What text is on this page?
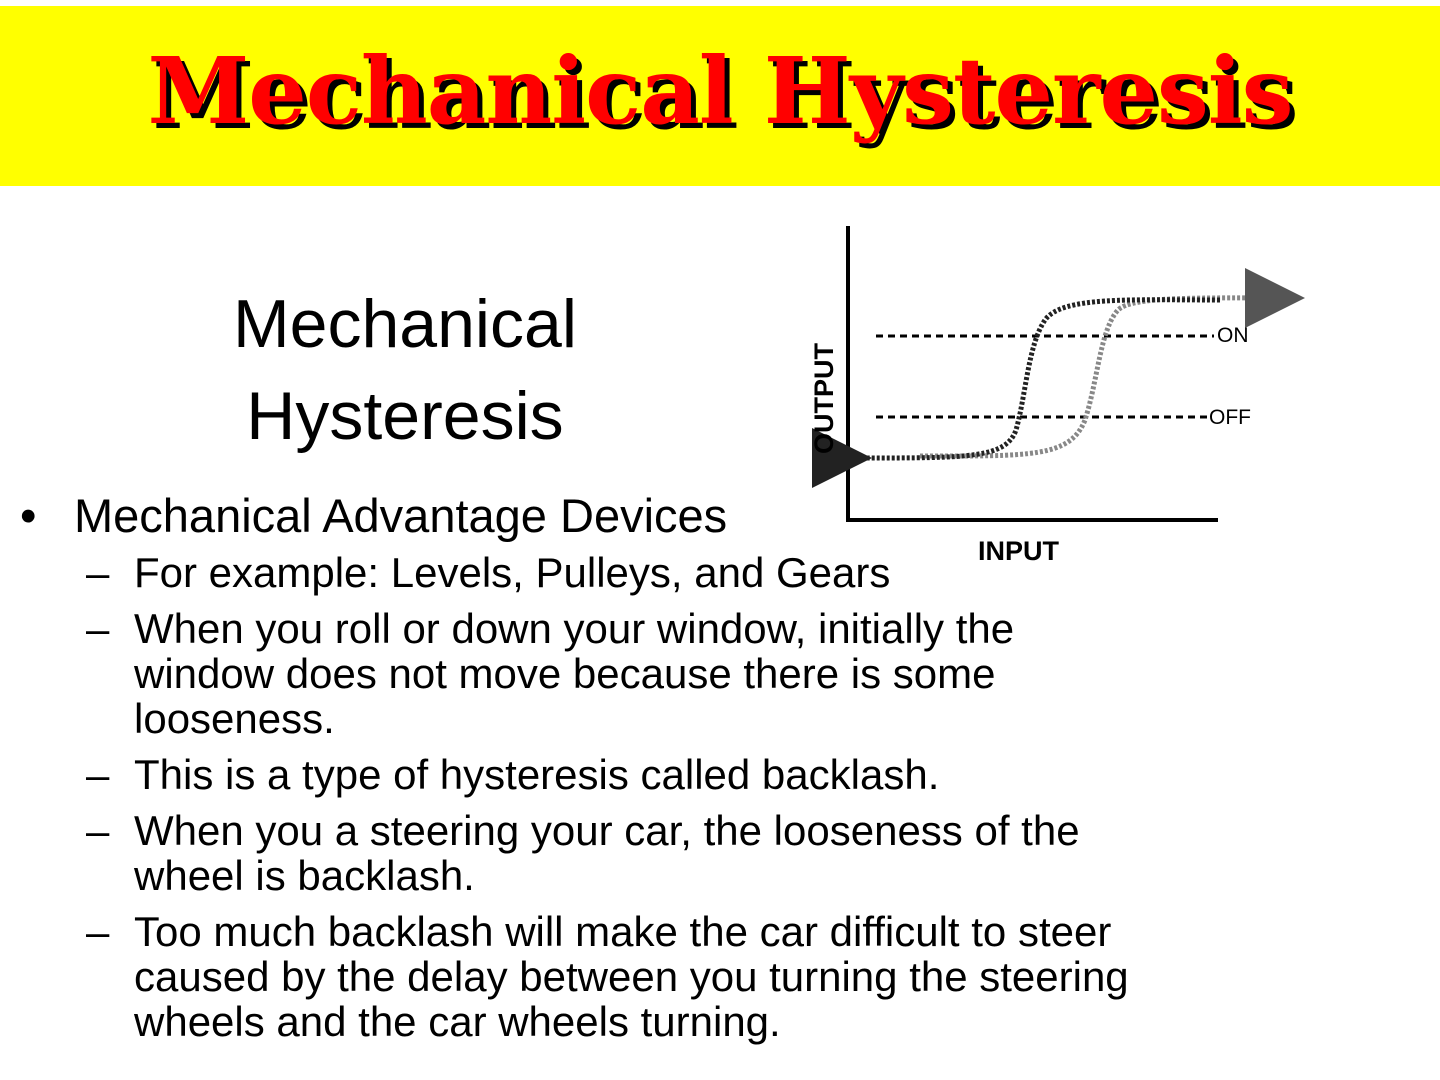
Mechanical Hysteresis
Mechanical
Hysteresis
ON
OFF
OUTPUT
INPUT
• Mechanical Advantage Devices
– For example: Levels, Pulleys, and Gears
– When you roll or down your window, initially the
window does not move because there is some
looseness.
– This is a type of hysteresis called backlash.
– When you a steering your car, the looseness of the
wheel is backlash.
– Too much backlash will make the car difficult to steer
caused by the delay between you turning the steering
wheels and the car wheels turning.
